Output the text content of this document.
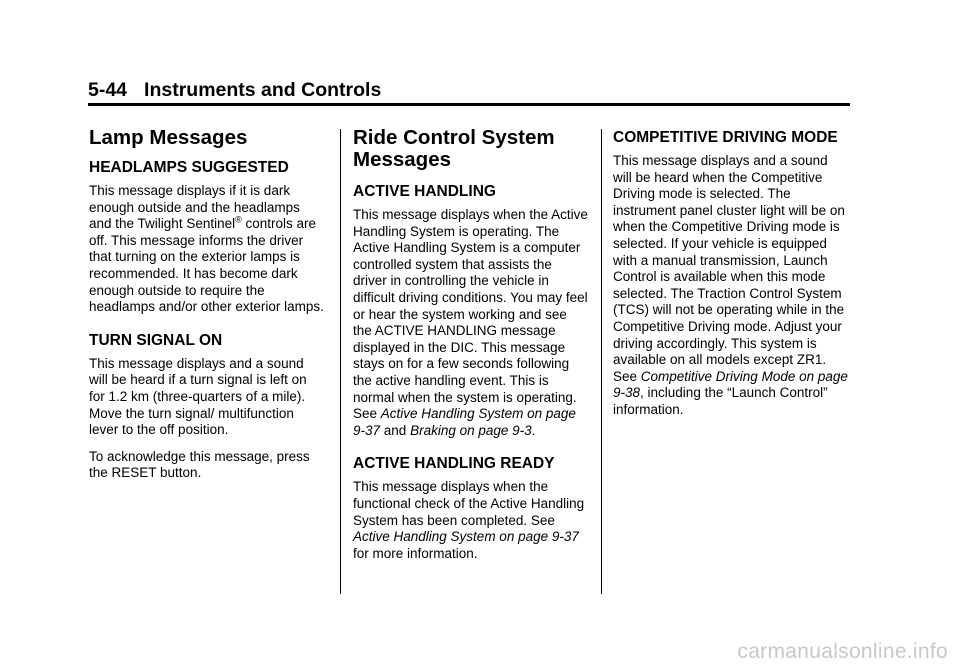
5-44 Instruments and Controls
Lamp Messages
HEADLAMPS SUGGESTED

This message displays if it is dark enough outside and the headlamps and the Twilight Sentinel® controls are off. This message informs the driver that turning on the exterior lamps is recommended. It has become dark enough outside to require the headlamps and/or other exterior lamps.

TURN SIGNAL ON

This message displays and a sound will be heard if a turn signal is left on for 1.2 km (three-quarters of a mile). Move the turn signal/ multifunction lever to the off position.

To acknowledge this message, press the RESET button.

Ride Control System Messages
ACTIVE HANDLING

This message displays when the Active Handling System is operating. The Active Handling System is a computer controlled system that assists the driver in controlling the vehicle in difficult driving conditions. You may feel or hear the system working and see the ACTIVE HANDLING message displayed in the DIC. This message stays on for a few seconds following the active handling event. This is normal when the system is operating. See Active Handling System on page 9-37 and Braking on page 9-3.

ACTIVE HANDLING READY

This message displays when the functional check of the Active Handling System has been completed. See Active Handling System on page 9-37 for more information.

COMPETITIVE DRIVING MODE

This message displays and a sound will be heard when the Competitive Driving mode is selected. The instrument panel cluster light will be on when the Competitive Driving mode is selected. If your vehicle is equipped with a manual transmission, Launch Control is available when this mode selected. The Traction Control System (TCS) will not be operating while in the Competitive Driving mode. Adjust your driving accordingly. This system is available on all models except ZR1. See Competitive Driving Mode on page 9-38, including the “Launch Control” information.

carmanualsonline.info
